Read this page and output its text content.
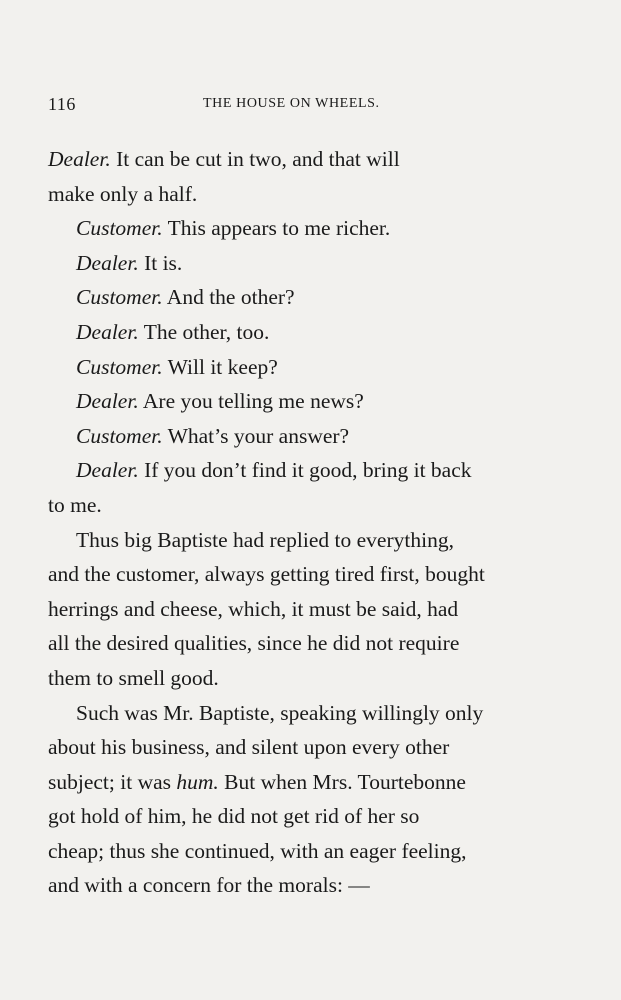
116	THE HOUSE ON WHEELS.
Dealer. It can be cut in two, and that will
make only a half.
Customer. This appears to me richer.
Dealer. It is.
Customer. And the other?
Dealer. The other, too.
Customer. Will it keep?
Dealer. Are you telling me news?
Customer. What’s your answer?
Dealer. If you don’t find it good, bring it back
to me.
Thus big Baptiste had replied to everything,
and the customer, always getting tired first, bought
herrings and cheese, which, it must be said, had
all the desired qualities, since he did not require
them to smell good.
Such was Mr. Baptiste, speaking willingly only
about his business, and silent upon every other
subject; it was hum. But when Mrs. Tourtebonne
got hold of him, he did not get rid of her so
cheap; thus she continued, with an eager feeling,
and with a concern for the morals: —
